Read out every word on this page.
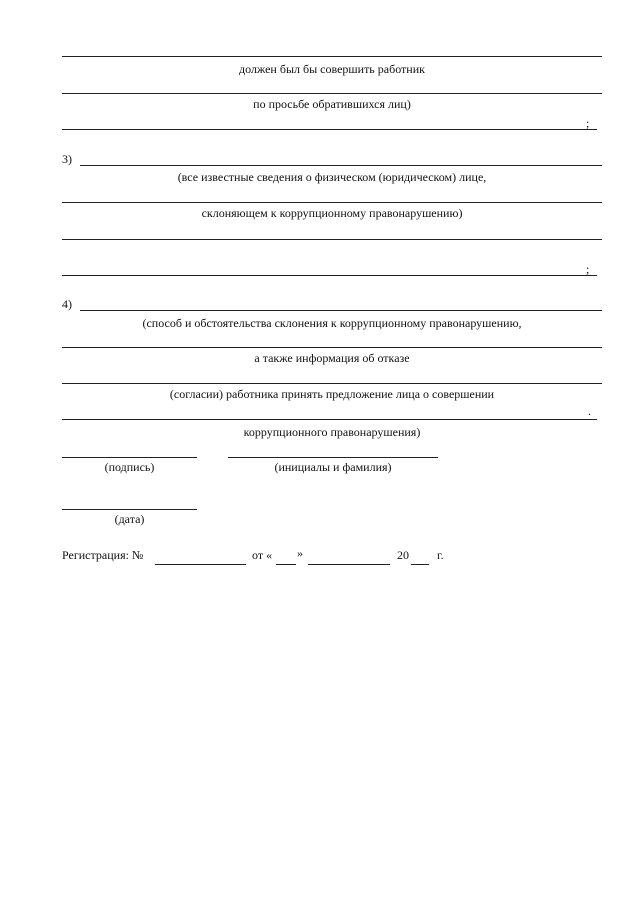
должен был бы совершить работник
по просьбе обратившихся лиц)
;
3)
(все известные сведения о физическом (юридическом) лице,
склоняющем к коррупционному правонарушению)
;
4)
(способ и обстоятельства склонения к коррупционному правонарушению,
а также информация об отказе
(согласии) работника принять предложение лица о совершении
.
коррупционного правонарушения)
(подпись)	(инициалы и фамилия)
(дата)
Регистрация: №	от « »	20 г.
